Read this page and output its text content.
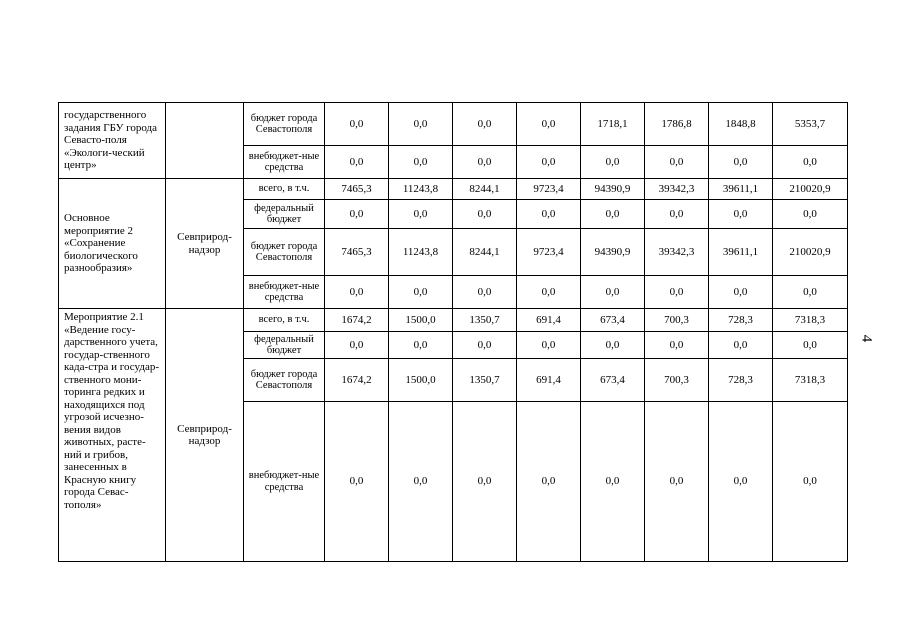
государственного задания ГБУ города Севасто-поля «Экологи-ческий центр»		бюджет города Севастополя	0,0	0,0	0,0	0,0	1718,1	1786,8	1848,8	5353,7
		внебюджет-ные средства	0,0	0,0	0,0	0,0	0,0	0,0	0,0	0,0
Основное мероприятие 2 «Сохранение биологического разнообразия»	Севприрод-надзор	всего, в т.ч.	7465,3	11243,8	8244,1	9723,4	94390,9	39342,3	39611,1	210020,9
		федеральный бюджет	0,0	0,0	0,0	0,0	0,0	0,0	0,0	0,0
		бюджет города Севастополя	7465,3	11243,8	8244,1	9723,4	94390,9	39342,3	39611,1	210020,9
		внебюджет-ные средства	0,0	0,0	0,0	0,0	0,0	0,0	0,0	0,0
Мероприятие 2.1 «Ведение госу-дарственного учета, государ-ственного када-стра и государ-ственного мони-торинга редких и находящихся под угрозой исчезно-вения видов животных, расте-ний и грибов, занесенных в Красную книгу города Севас-тополя»	Севприрод-надзор	всего, в т.ч.	1674,2	1500,0	1350,7	691,4	673,4	700,3	728,3	7318,3
		федеральный бюджет	0,0	0,0	0,0	0,0	0,0	0,0	0,0	0,0
		бюджет города Севастополя	1674,2	1500,0	1350,7	691,4	673,4	700,3	728,3	7318,3
		внебюджет-ные средства	0,0	0,0	0,0	0,0	0,0	0,0	0,0	0,0
4
